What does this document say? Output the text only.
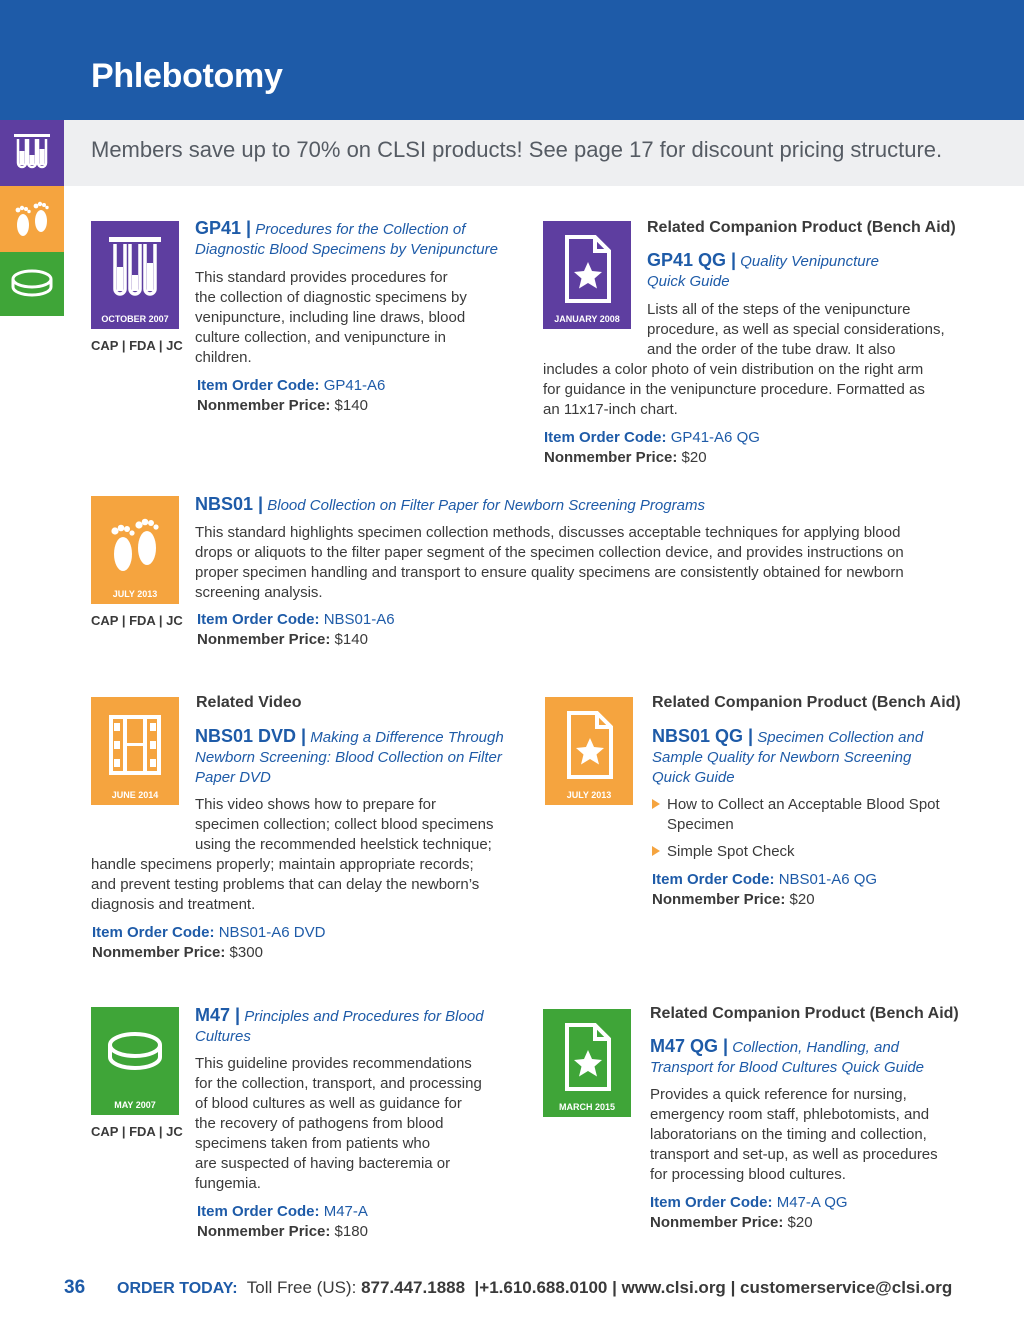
Phlebotomy
Members save up to 70% on CLSI products! See page 17 for discount pricing structure.
OCTOBER 2007
CAP | FDA | JC
GP41 | Procedures for the Collection of
Diagnostic Blood Specimens by Venipuncture
This standard provides procedures for
the collection of diagnostic specimens by
venipuncture, including line draws, blood
culture collection, and venipuncture in
children.
Item Order Code: GP41-A6
Nonmember Price: $140
Related Companion Product (Bench Aid)
JANUARY 2008
GP41 QG | Quality Venipuncture
Quick Guide
Lists all of the steps of the venipuncture
procedure, as well as special considerations,
and the order of the tube draw. It also
includes a color photo of vein distribution on the right arm
for guidance in the venipuncture procedure. Formatted as
an 11x17-inch chart.
Item Order Code: GP41-A6 QG
Nonmember Price: $20
JULY 2013
CAP | FDA | JC
NBS01 | Blood Collection on Filter Paper for Newborn Screening Programs
This standard highlights specimen collection methods, discusses acceptable techniques for applying blood
drops or aliquots to the filter paper segment of the specimen collection device, and provides instructions on
proper specimen handling and transport to ensure quality specimens are consistently obtained for newborn
screening analysis.
Item Order Code: NBS01-A6
Nonmember Price: $140
Related Video
JUNE 2014
NBS01 DVD | Making a Difference Through
Newborn Screening: Blood Collection on Filter
Paper DVD
This video shows how to prepare for
specimen collection; collect blood specimens
using the recommended heelstick technique;
handle specimens properly; maintain appropriate records;
and prevent testing problems that can delay the newborn’s
diagnosis and treatment.
Item Order Code: NBS01-A6 DVD
Nonmember Price: $300
Related Companion Product (Bench Aid)
JULY 2013
NBS01 QG | Specimen Collection and
Sample Quality for Newborn Screening
Quick Guide
How to Collect an Acceptable Blood Spot
Specimen
Simple Spot Check
Item Order Code: NBS01-A6 QG
Nonmember Price: $20
MAY 2007
CAP | FDA | JC
M47 | Principles and Procedures for Blood
Cultures
This guideline provides recommendations
for the collection, transport, and processing
of blood cultures as well as guidance for
the recovery of pathogens from blood
specimens taken from patients who
are suspected of having bacteremia or
fungemia.
Item Order Code: M47-A
Nonmember Price: $180
Related Companion Product (Bench Aid)
MARCH 2015
M47 QG | Collection, Handling, and
Transport for Blood Cultures Quick Guide
Provides a quick reference for nursing,
emergency room staff, phlebotomists, and
laboratorians on the timing and collection,
transport and set-up, as well as procedures
for processing blood cultures.
Item Order Code: M47-A QG
Nonmember Price: $20
36 ORDER TODAY: Toll Free (US): 877.447.1888 |+1.610.688.0100 | www.clsi.org | customerservice@clsi.org
